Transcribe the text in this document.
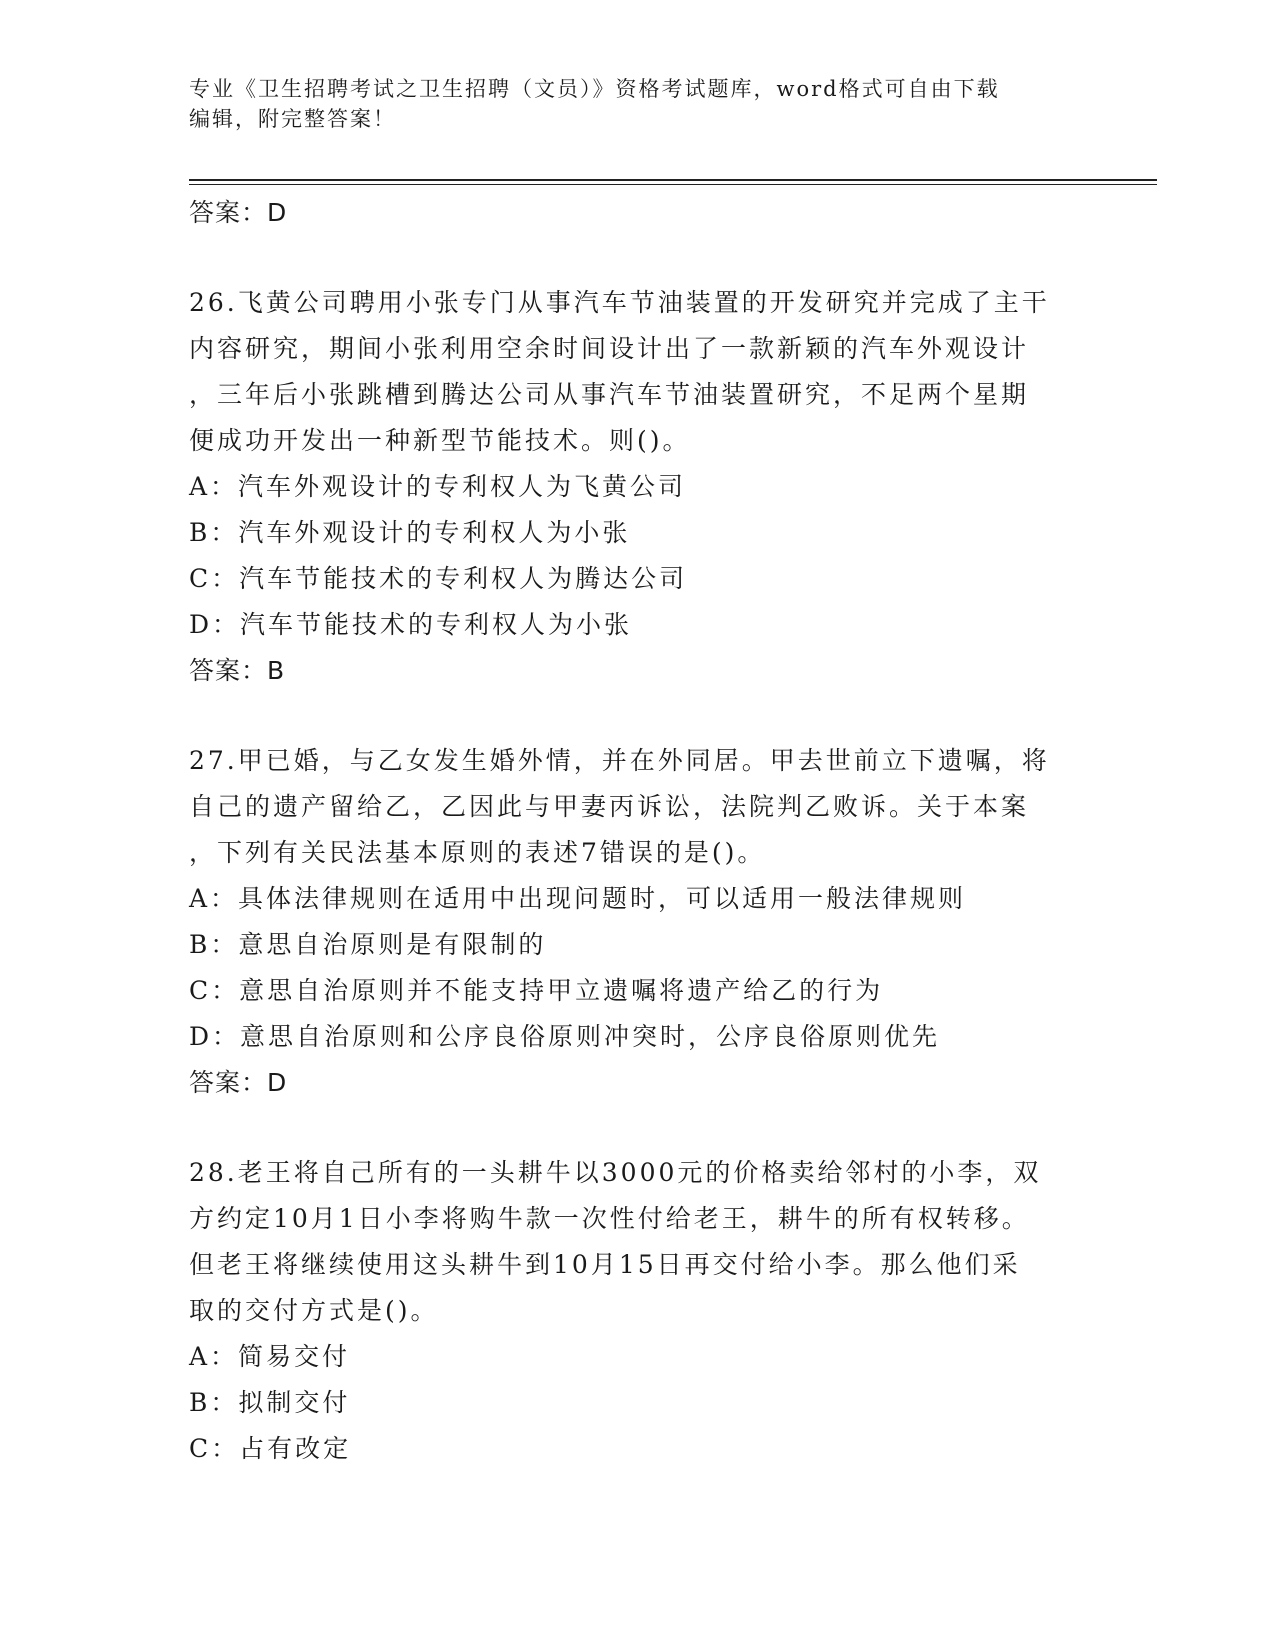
专业《卫生招聘考试之卫生招聘（文员）》资格考试题库，word格式可自由下载
编辑，附完整答案！
答案：D
26.飞黄公司聘用小张专门从事汽车节油装置的开发研究并完成了主干
内容研究，期间小张利用空余时间设计出了一款新颖的汽车外观设计
，三年后小张跳槽到腾达公司从事汽车节油装置研究，不足两个星期
便成功开发出一种新型节能技术。则()。
A：汽车外观设计的专利权人为飞黄公司
B：汽车外观设计的专利权人为小张
C：汽车节能技术的专利权人为腾达公司
D：汽车节能技术的专利权人为小张
答案：B
27.甲已婚，与乙女发生婚外情，并在外同居。甲去世前立下遗嘱，将
自己的遗产留给乙，乙因此与甲妻丙诉讼，法院判乙败诉。关于本案
，下列有关民法基本原则的表述7错误的是()。
A：具体法律规则在适用中出现问题时，可以适用一般法律规则
B：意思自治原则是有限制的
C：意思自治原则并不能支持甲立遗嘱将遗产给乙的行为
D：意思自治原则和公序良俗原则冲突时，公序良俗原则优先
答案：D
28.老王将自己所有的一头耕牛以3000元的价格卖给邻村的小李，双
方约定10月1日小李将购牛款一次性付给老王，耕牛的所有权转移。
但老王将继续使用这头耕牛到10月15日再交付给小李。那么他们采
取的交付方式是()。
A：简易交付
B：拟制交付
C：占有改定
